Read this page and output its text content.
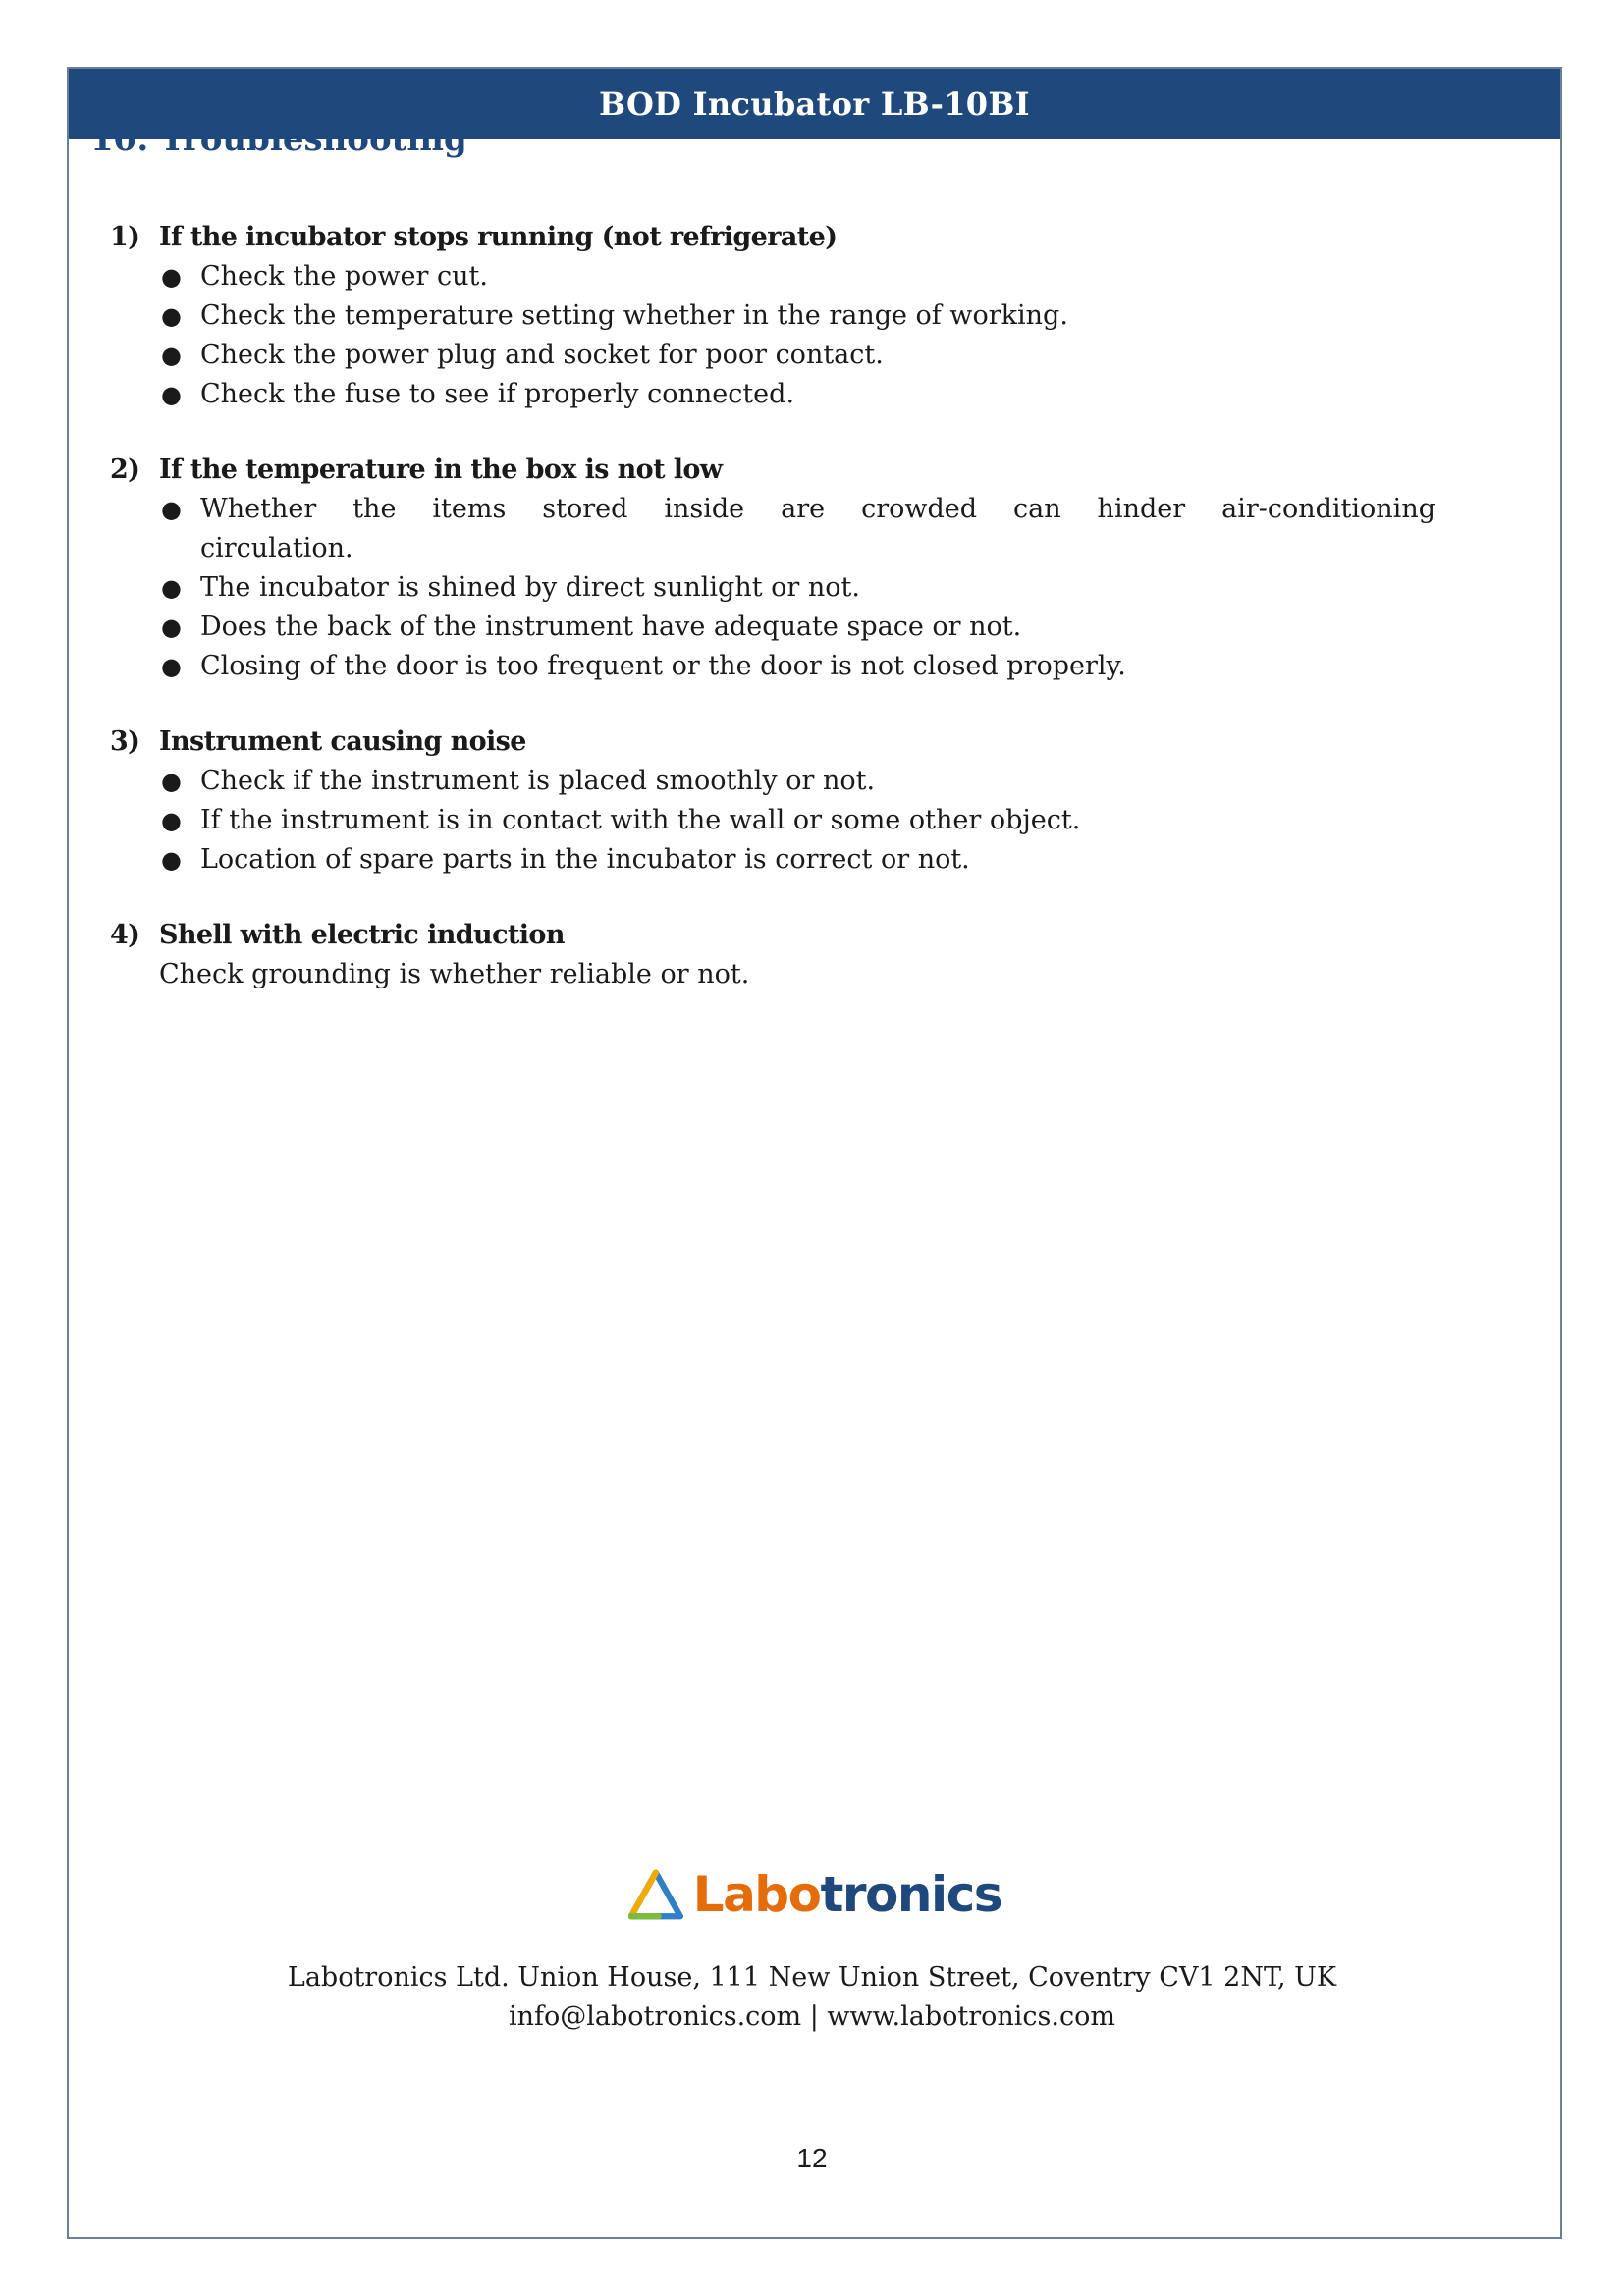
BOD Incubator LB-10BI
10. Troubleshooting
1) If the incubator stops running (not refrigerate)
● Check the power cut.
● Check the temperature setting whether in the range of working.
● Check the power plug and socket for poor contact.
● Check the fuse to see if properly connected.
2) If the temperature in the box is not low
● Whether the items stored inside are crowded can hinder air-conditioning
circulation.
● The incubator is shined by direct sunlight or not.
● Does the back of the instrument have adequate space or not.
● Closing of the door is too frequent or the door is not closed properly.
3) Instrument causing noise
● Check if the instrument is placed smoothly or not.
● If the instrument is in contact with the wall or some other object.
● Location of spare parts in the incubator is correct or not.
4) Shell with electric induction
Check grounding is whether reliable or not.
Labotronics
Labotronics Ltd. Union House, 111 New Union Street, Coventry CV1 2NT, UK
info@labotronics.com | www.labotronics.com
12
